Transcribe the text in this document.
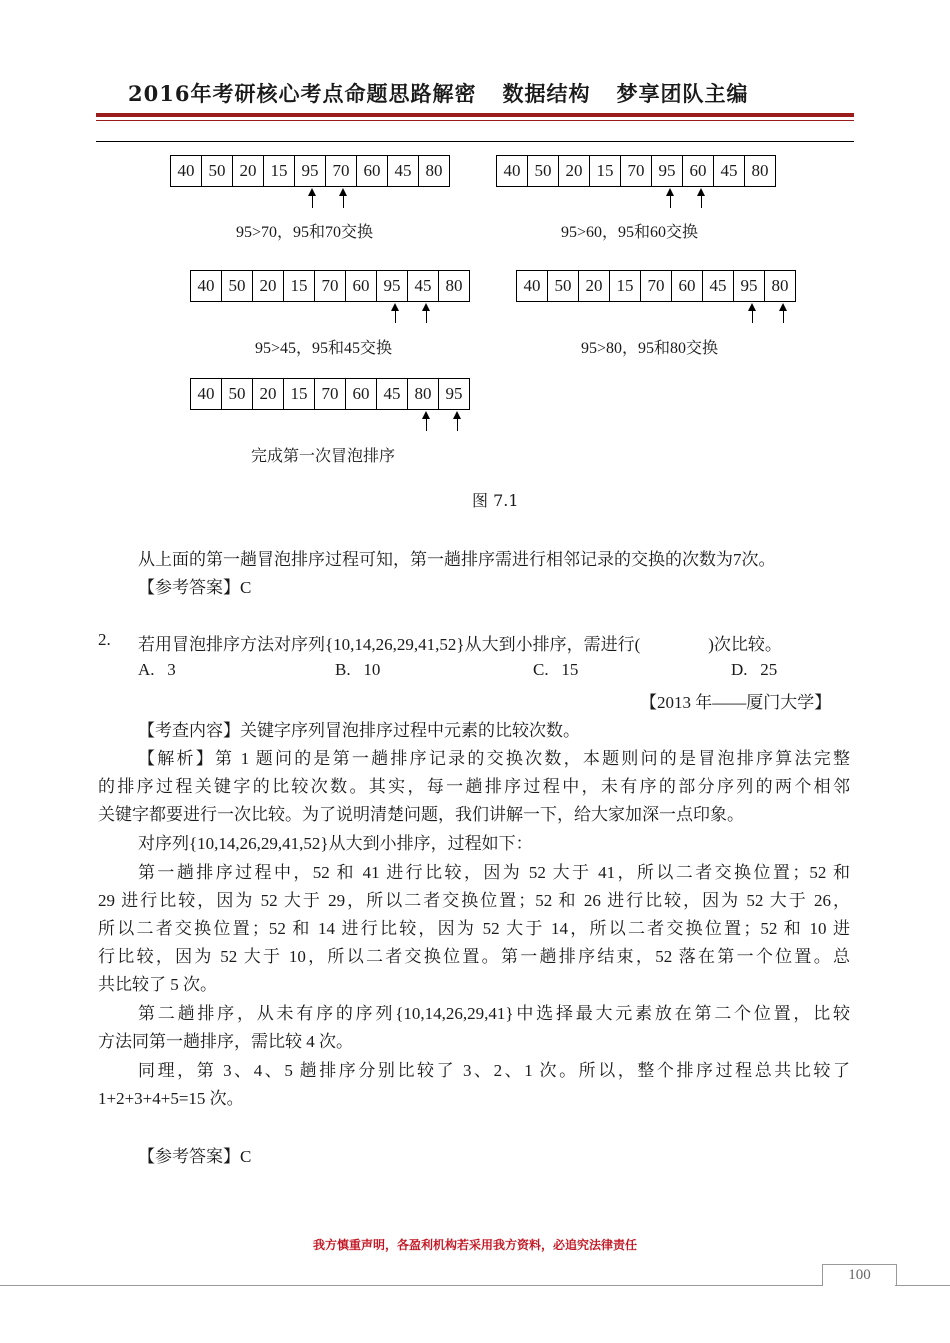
2016年考研核心考点命题思路解密 数据结构 梦享团队主编
40 50 20 15 95 70 60 45 80
95>70，95和70交换
40 50 20 15 70 95 60 45 80
95>60，95和60交换
40 50 20 15 70 60 95 45 80
95>45，95和45交换
40 50 20 15 70 60 45 95 80
95>80，95和80交换
40 50 20 15 70 60 45 80 95
完成第一次冒泡排序
图 7.1
从上面的第一趟冒泡排序过程可知，第一趟排序需进行相邻记录的交换的次数为7次。
【参考答案】C
2. 若用冒泡排序方法对序列{10,14,26,29,41,52}从大到小排序，需进行(　　　　)次比较。
A. 3	B. 10	C. 15	D. 25
【2013 年——厦门大学】
【考查内容】关键字序列冒泡排序过程中元素的比较次数。
【解析】第 1 题问的是第一趟排序记录的交换次数，本题则问的是冒泡排序算法完整
的排序过程关键字的比较次数。其实，每一趟排序过程中，未有序的部分序列的两个相邻
关键字都要进行一次比较。为了说明清楚问题，我们讲解一下，给大家加深一点印象。
对序列{10,14,26,29,41,52}从大到小排序，过程如下：
第一趟排序过程中，52 和 41 进行比较，因为 52 大于 41，所以二者交换位置；52 和
29 进行比较，因为 52 大于 29，所以二者交换位置；52 和 26 进行比较，因为 52 大于 26，
所以二者交换位置；52 和 14 进行比较，因为 52 大于 14，所以二者交换位置；52 和 10 进
行比较，因为 52 大于 10，所以二者交换位置。第一趟排序结束，52 落在第一个位置。总
共比较了 5 次。
第二趟排序，从未有序的序列{10,14,26,29,41}中选择最大元素放在第二个位置，比较
方法同第一趟排序，需比较 4 次。
同理，第 3、4、5 趟排序分别比较了 3、2、1 次。所以，整个排序过程总共比较了
1+2+3+4+5=15 次。
【参考答案】C
我方慎重声明，各盈利机构若采用我方资料，必追究法律责任
100
